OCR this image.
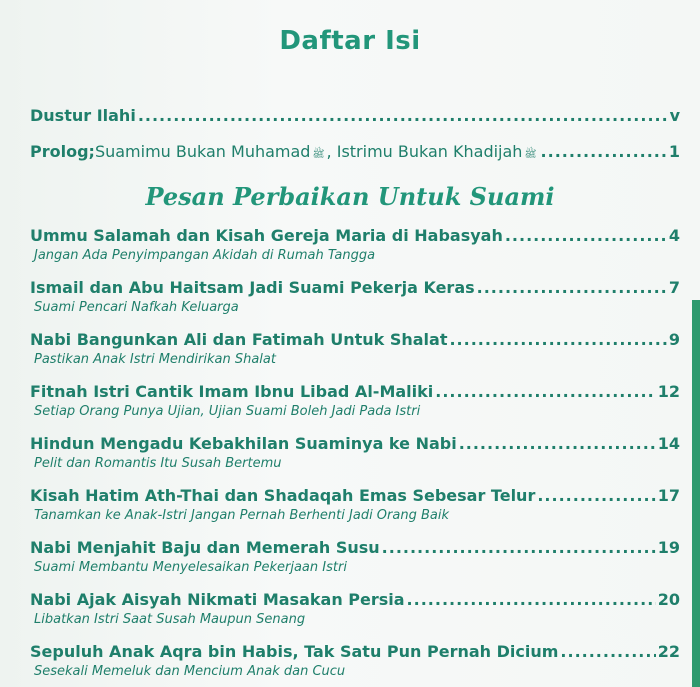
Daftar Isi
Dustur Ilahi .....	v
Prolog; Suamimu Bukan Muhamad ﷺ , Istrimu Bukan Khadijah ﷺ .....	1
Pesan Perbaikan Untuk Suami
Ummu Salamah dan Kisah Gereja Maria di Habasyah .....	4
Jangan Ada Penyimpangan Akidah di Rumah Tangga
Ismail dan Abu Haitsam Jadi Suami Pekerja Keras .....	7
Suami Pencari Nafkah Keluarga
Nabi Bangunkan Ali dan Fatimah Untuk Shalat .....	9
Pastikan Anak Istri Mendirikan Shalat
Fitnah Istri Cantik Imam Ibnu Libad Al-Maliki .....	12
Setiap Orang Punya Ujian, Ujian Suami Boleh Jadi Pada Istri
Hindun Mengadu Kebakhilan Suaminya ke Nabi .....	14
Pelit dan Romantis Itu Susah Bertemu
Kisah Hatim Ath-Thai dan Shadaqah Emas Sebesar Telur .....	17
Tanamkan ke Anak-Istri Jangan Pernah Berhenti Jadi Orang Baik
Nabi Menjahit Baju dan Memerah Susu .....	19
Suami Membantu Menyelesaikan Pekerjaan Istri
Nabi Ajak Aisyah Nikmati Masakan Persia .....	20
Libatkan Istri Saat Susah Maupun Senang
Sepuluh Anak Aqra bin Habis, Tak Satu Pun Pernah Dicium .....	22
Sesekali Memeluk dan Mencium Anak dan Cucu
